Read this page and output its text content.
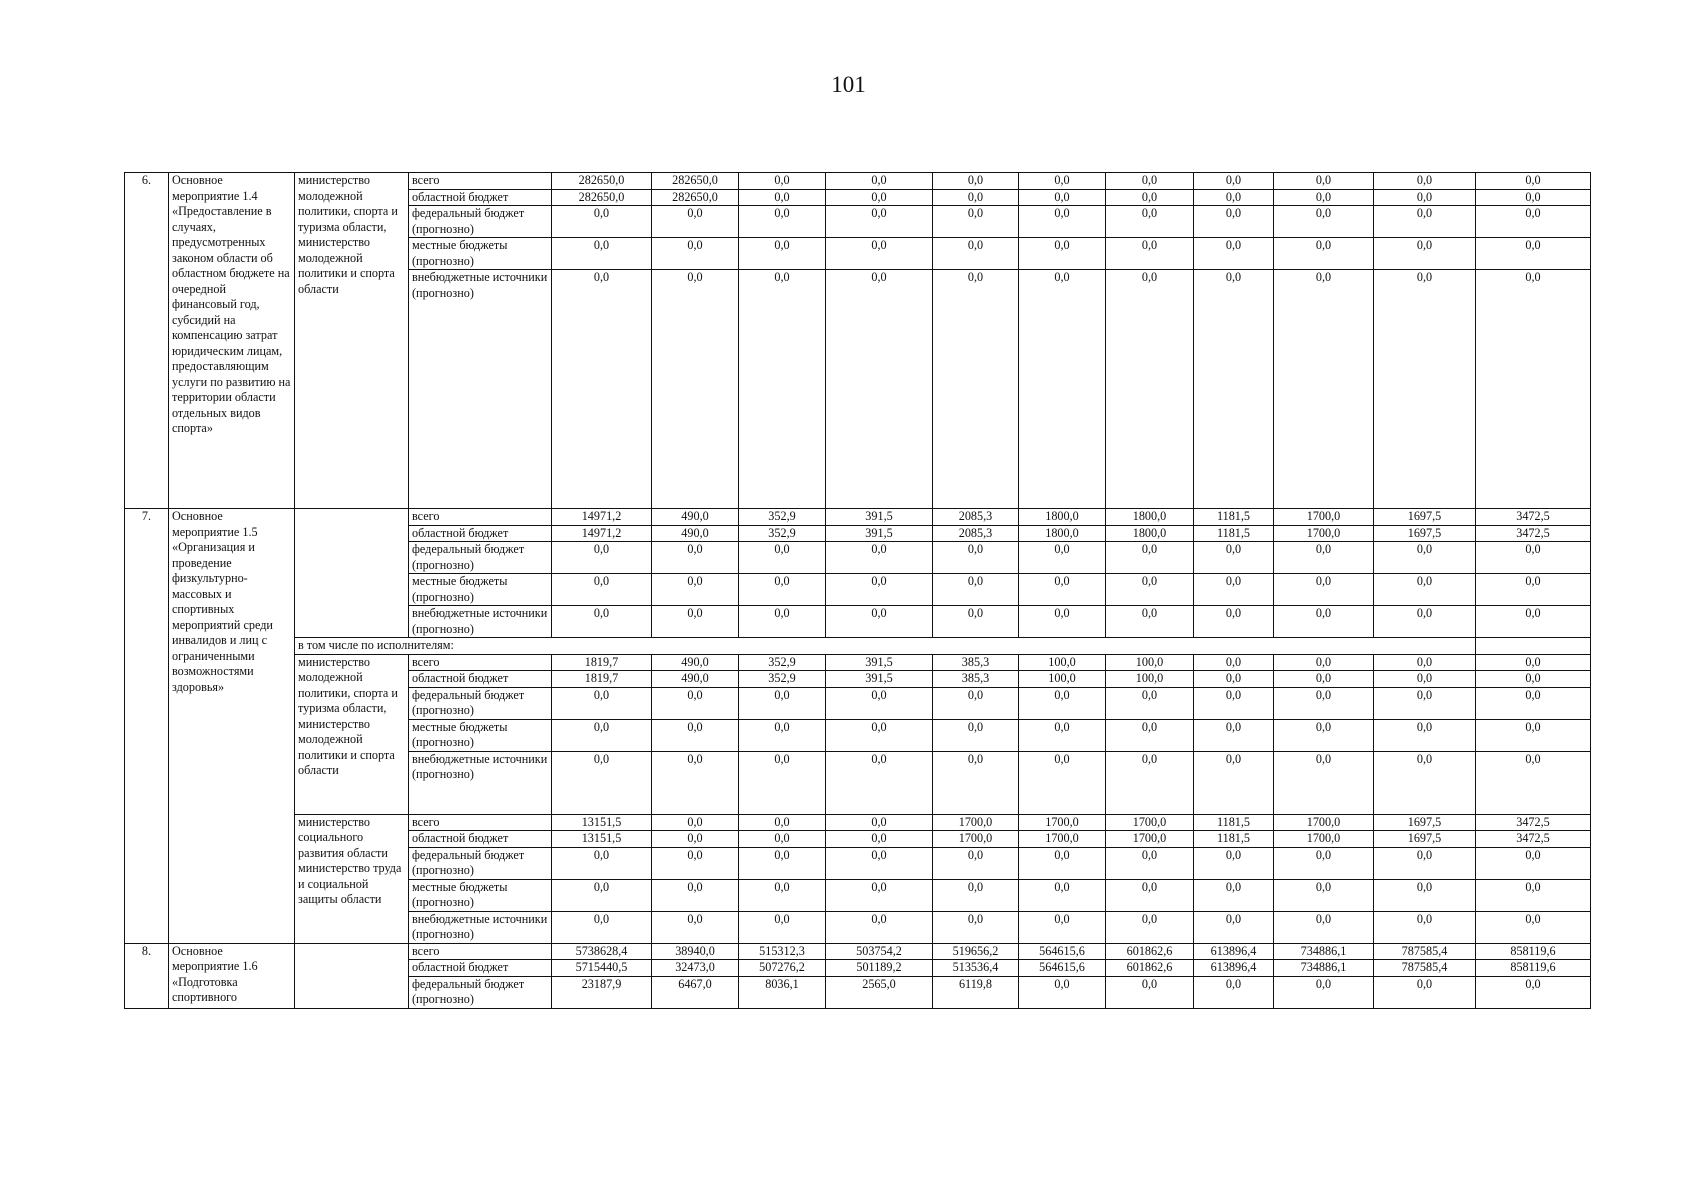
101
6.	Основное мероприятие 1.4 «Предоставление в случаях, предусмотренных законом области об областном бюджете на очередной финансовый год, субсидий на компенсацию затрат юридическим лицам, предоставляющим услуги по развитию на территории области отдельных видов спорта»	министерство молодежной политики, спорта и туризма области, министерство молодежной политики и спорта области	всего	282650,0	282650,0	0,0	0,0	0,0	0,0	0,0	0,0	0,0	0,0	0,0
			областной бюджет	282650,0	282650,0	0,0	0,0	0,0	0,0	0,0	0,0	0,0	0,0	0,0
			федеральный бюджет (прогнозно)	0,0	0,0	0,0	0,0	0,0	0,0	0,0	0,0	0,0	0,0	0,0
			местные бюджеты (прогнозно)	0,0	0,0	0,0	0,0	0,0	0,0	0,0	0,0	0,0	0,0	0,0
			внебюджетные источники (прогнозно)	0,0	0,0	0,0	0,0	0,0	0,0	0,0	0,0	0,0	0,0	0,0
7.	Основное мероприятие 1.5 «Организация и проведение физкультурно-массовых и спортивных мероприятий среди инвалидов и лиц с ограниченными возможностями здоровья»		всего	14971,2	490,0	352,9	391,5	2085,3	1800,0	1800,0	1181,5	1700,0	1697,5	3472,5
			областной бюджет	14971,2	490,0	352,9	391,5	2085,3	1800,0	1800,0	1181,5	1700,0	1697,5	3472,5
			федеральный бюджет (прогнозно)	0,0	0,0	0,0	0,0	0,0	0,0	0,0	0,0	0,0	0,0	0,0
			местные бюджеты (прогнозно)	0,0	0,0	0,0	0,0	0,0	0,0	0,0	0,0	0,0	0,0	0,0
			внебюджетные источники (прогнозно)	0,0	0,0	0,0	0,0	0,0	0,0	0,0	0,0	0,0	0,0	0,0
		в том числе по исполнителям:												
		министерство молодежной политики, спорта и туризма области, министерство молодежной политики и спорта области	всего	1819,7	490,0	352,9	391,5	385,3	100,0	100,0	0,0	0,0	0,0	0,0
			областной бюджет	1819,7	490,0	352,9	391,5	385,3	100,0	100,0	0,0	0,0	0,0	0,0
			федеральный бюджет (прогнозно)	0,0	0,0	0,0	0,0	0,0	0,0	0,0	0,0	0,0	0,0	0,0
			местные бюджеты (прогнозно)	0,0	0,0	0,0	0,0	0,0	0,0	0,0	0,0	0,0	0,0	0,0
			внебюджетные источники (прогнозно)	0,0	0,0	0,0	0,0	0,0	0,0	0,0	0,0	0,0	0,0	0,0
		министерство социального развития области министерство труда и социальной защиты области	всего	13151,5	0,0	0,0	0,0	1700,0	1700,0	1700,0	1181,5	1700,0	1697,5	3472,5
			областной бюджет	13151,5	0,0	0,0	0,0	1700,0	1700,0	1700,0	1181,5	1700,0	1697,5	3472,5
			федеральный бюджет (прогнозно)	0,0	0,0	0,0	0,0	0,0	0,0	0,0	0,0	0,0	0,0	0,0
			местные бюджеты (прогнозно)	0,0	0,0	0,0	0,0	0,0	0,0	0,0	0,0	0,0	0,0	0,0
			внебюджетные источники (прогнозно)	0,0	0,0	0,0	0,0	0,0	0,0	0,0	0,0	0,0	0,0	0,0
8.	Основное мероприятие 1.6 «Подготовка спортивного		всего	5738628,4	38940,0	515312,3	503754,2	519656,2	564615,6	601862,6	613896,4	734886,1	787585,4	858119,6
			областной бюджет	5715440,5	32473,0	507276,2	501189,2	513536,4	564615,6	601862,6	613896,4	734886,1	787585,4	858119,6
			федеральный бюджет (прогнозно)	23187,9	6467,0	8036,1	2565,0	6119,8	0,0	0,0	0,0	0,0	0,0	0,0
